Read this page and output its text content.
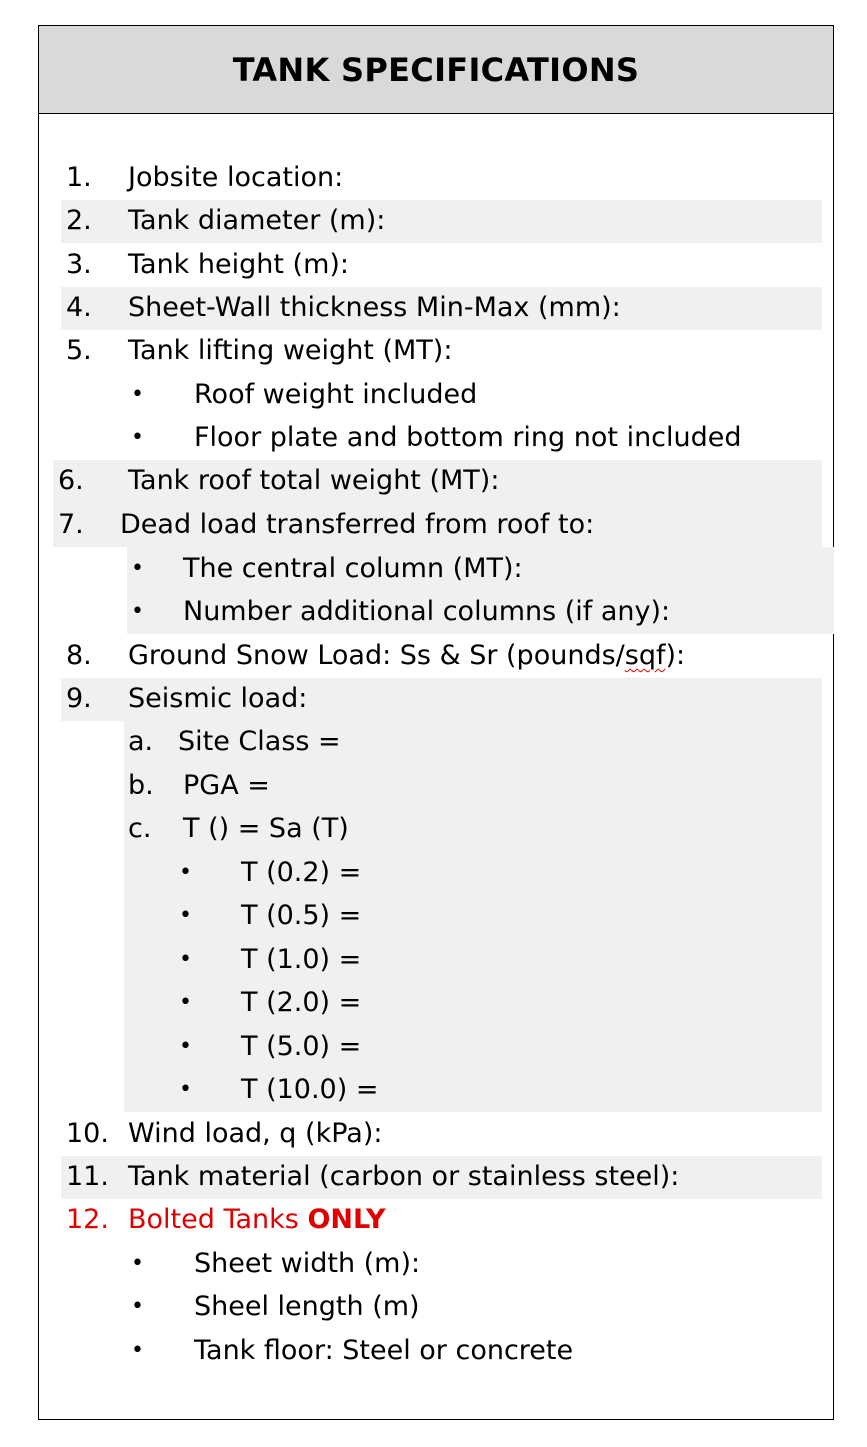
TANK SPECIFICATIONS
1. Jobsite location:
2. Tank diameter (m):
3. Tank height (m):
4. Sheet-Wall thickness Min-Max (mm):
5. Tank lifting weight (MT):
• Roof weight included
• Floor plate and bottom ring not included
6. Tank roof total weight (MT):
7. Dead load transferred from roof to:
• The central column (MT):
• Number additional columns (if any):
8. Ground Snow Load: Ss & Sr (pounds/sqf):
9. Seismic load:
a. Site Class =
b. PGA =
c. T () = Sa (T)
• T (0.2) =
• T (0.5) =
• T (1.0) =
• T (2.0) =
• T (5.0) =
• T (10.0) =
10. Wind load, q (kPa):
11. Tank material (carbon or stainless steel):
12. Bolted Tanks ONLY
• Sheet width (m):
• Sheel length (m)
• Tank floor: Steel or concrete
